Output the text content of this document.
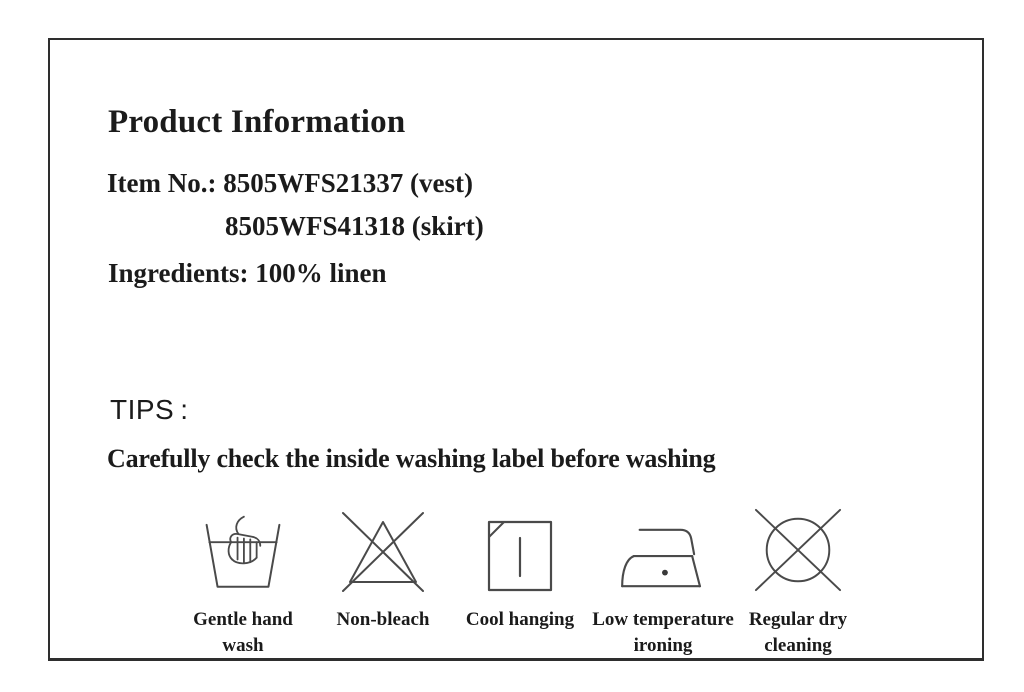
Product Information
Item No.: 8505WFS21337 (vest)
8505WFS41318 (skirt)
Ingredients: 100% linen
TIPS :
Carefully check the inside washing label before washing
Gentle hand
wash
Non-bleach Cool hanging Low temperature
ironing
Regular dry
cleaning
